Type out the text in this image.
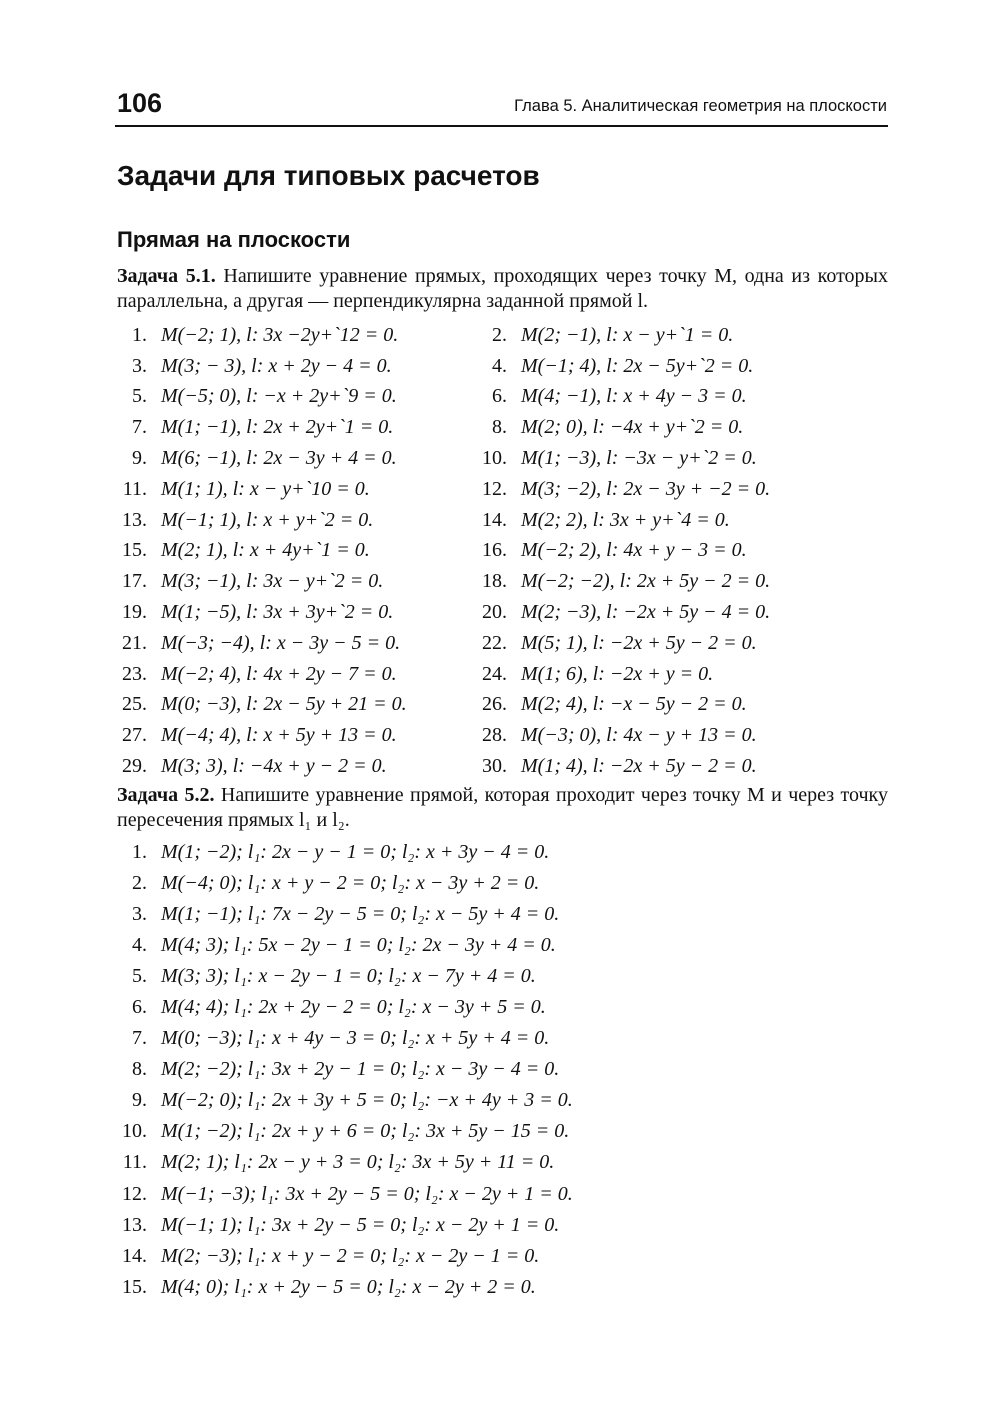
106	Глава 5. Аналитическая геометрия на плоскости
Задачи для типовых расчетов
Прямая на плоскости

Задача 5.1. Напишите уравнение прямых, проходящих через точку M, одна из которых параллельна, а другая — перпендикулярна заданной прямой l.

1. M(−2; 1), l: 3x −2y+`12 = 0.	2. M(2; −1), l: x − y+`1 = 0.
3. M(3; − 3), l: x + 2y − 4 = 0.	4. M(−1; 4), l: 2x − 5y+`2 = 0.
5. M(−5; 0), l: −x + 2y+`9 = 0.	6. M(4; −1), l: x + 4y − 3 = 0.
7. M(1; −1), l: 2x + 2y+`1 = 0.	8. M(2; 0), l: −4x + y+`2 = 0.
9. M(6; −1), l: 2x − 3y + 4 = 0.	10. M(1; −3), l: −3x − y+`2 = 0.
11. M(1; 1), l: x − y+`10 = 0.	12. M(3; −2), l: 2x − 3y + −2 = 0.
13. M(−1; 1), l: x + y+`2 = 0.	14. M(2; 2), l: 3x + y+`4 = 0.
15. M(2; 1), l: x + 4y+`1 = 0.	16. M(−2; 2), l: 4x + y − 3 = 0.
17. M(3; −1), l: 3x − y+`2 = 0.	18. M(−2; −2), l: 2x + 5y − 2 = 0.
19. M(1; −5), l: 3x + 3y+`2 = 0.	20. M(2; −3), l: −2x + 5y − 4 = 0.
21. M(−3; −4), l: x − 3y − 5 = 0.	22. M(5; 1), l: −2x + 5y − 2 = 0.
23. M(−2; 4), l: 4x + 2y − 7 = 0.	24. M(1; 6), l: −2x + y = 0.
25. M(0; −3), l: 2x − 5y + 21 = 0.	26. M(2; 4), l: −x − 5y − 2 = 0.
27. M(−4; 4), l: x + 5y + 13 = 0.	28. M(−3; 0), l: 4x − y + 13 = 0.
29. M(3; 3), l: −4x + y − 2 = 0.	30. M(1; 4), l: −2x + 5y − 2 = 0.

Задача 5.2. Напишите уравнение прямой, которая проходит через точку M и через точку пересечения прямых l₁ и l₂.

1. M(1; −2); l₁: 2x − y − 1 = 0; l₂: x + 3y − 4 = 0.
2. M(−4; 0); l₁: x + y − 2 = 0; l₂: x − 3y + 2 = 0.
3. M(1; −1); l₁: 7x − 2y − 5 = 0; l₂: x − 5y + 4 = 0.
4. M(4; 3); l₁: 5x − 2y − 1 = 0; l₂: 2x − 3y + 4 = 0.
5. M(3; 3); l₁: x − 2y − 1 = 0; l₂: x − 7y + 4 = 0.
6. M(4; 4); l₁: 2x + 2y − 2 = 0; l₂: x − 3y + 5 = 0.
7. M(0; −3); l₁: x + 4y − 3 = 0; l₂: x + 5y + 4 = 0.
8. M(2; −2); l₁: 3x + 2y − 1 = 0; l₂: x − 3y − 4 = 0.
9. M(−2; 0); l₁: 2x + 3y + 5 = 0; l₂: −x + 4y + 3 = 0.
10. M(1; −2); l₁: 2x + y + 6 = 0; l₂: 3x + 5y − 15 = 0.
11. M(2; 1); l₁: 2x − y + 3 = 0; l₂: 3x + 5y + 11 = 0.
12. M(−1; −3); l₁: 3x + 2y − 5 = 0; l₂: x − 2y + 1 = 0.
13. M(−1; 1); l₁: 3x + 2y − 5 = 0; l₂: x − 2y + 1 = 0.
14. M(2; −3); l₁: x + y − 2 = 0; l₂: x − 2y − 1 = 0.
15. M(4; 0); l₁: x + 2y − 5 = 0; l₂: x − 2y + 2 = 0.
